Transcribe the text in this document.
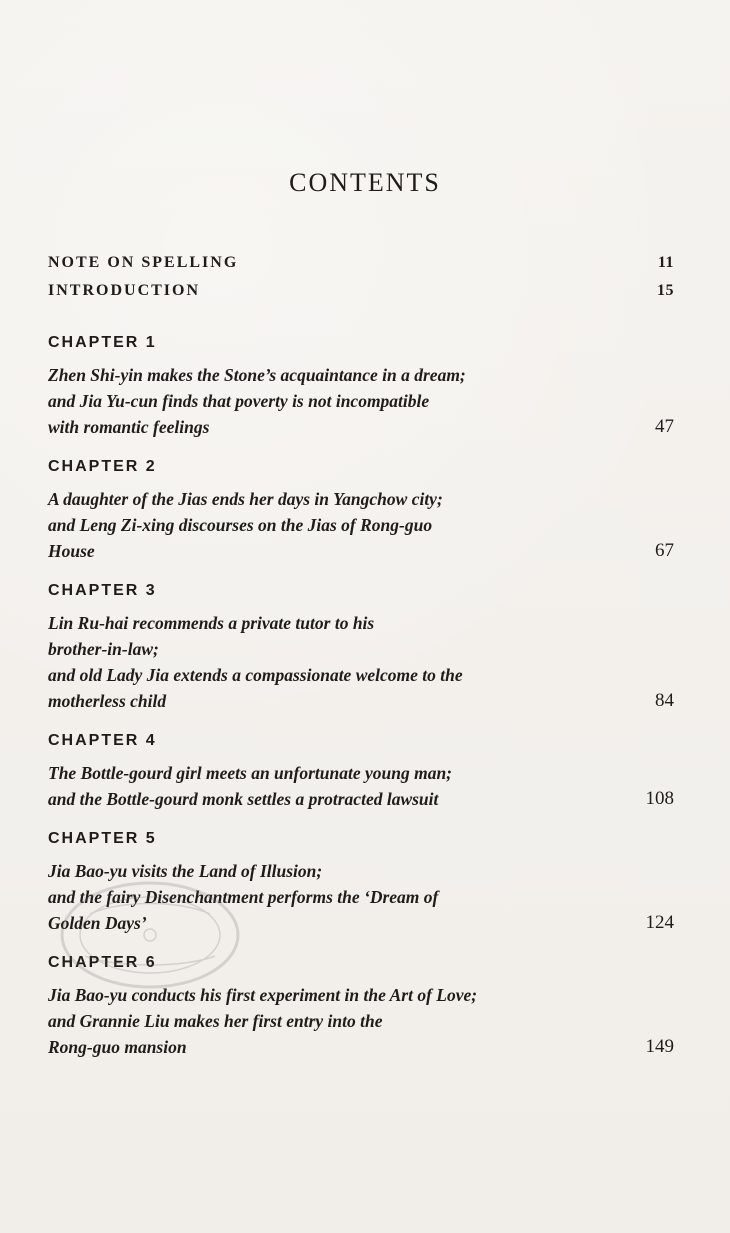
CONTENTS
NOTE ON SPELLING	11
INTRODUCTION	15
CHAPTER 1
Zhen Shi-yin makes the Stone’s acquaintance in a dream;
and Jia Yu-cun finds that poverty is not incompatible
with romantic feelings	47
CHAPTER 2
A daughter of the Jias ends her days in Yangchow city;
and Leng Zi-xing discourses on the Jias of Rong-guo
House	67
CHAPTER 3
Lin Ru-hai recommends a private tutor to his
brother-in-law;
and old Lady Jia extends a compassionate welcome to the
motherless child	84
CHAPTER 4
The Bottle-gourd girl meets an unfortunate young man;
and the Bottle-gourd monk settles a protracted lawsuit	108
CHAPTER 5
Jia Bao-yu visits the Land of Illusion;
and the fairy Disenchantment performs the ‘Dream of
Golden Days’	124
CHAPTER 6
Jia Bao-yu conducts his first experiment in the Art of Love;
and Grannie Liu makes her first entry into the
Rong-guo mansion	149
